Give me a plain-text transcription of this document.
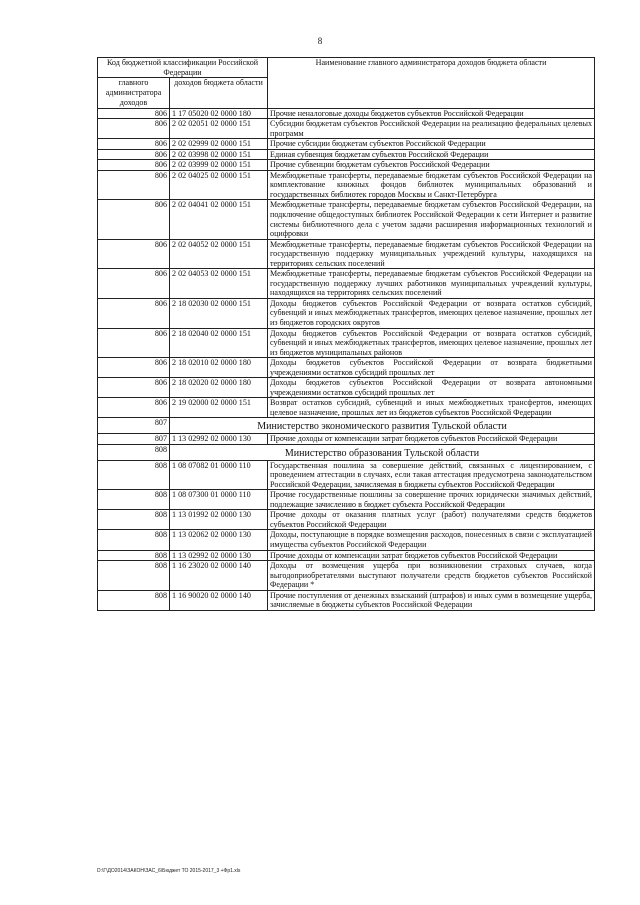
8
Код бюджетной классификации Российской Федерации		Наименование главного администратора доходов бюджета области
главного администратора доходов	доходов бюджета области	
806	1 17 05020 02 0000 180	Прочие неналоговые доходы бюджетов субъектов Российской Федерации
806	2 02 02051 02 0000 151	Субсидии бюджетам субъектов Российской Федерации на реализацию федеральных целевых программ
806	2 02 02999 02 0000 151	Прочие субсидии бюджетам субъектов Российской Федерации
806	2 02 03998 02 0000 151	Единая субвенция бюджетам субъектов Российской Федерации
806	2 02 03999 02 0000 151	Прочие субвенции бюджетам субъектов Российской Федерации
806	2 02 04025 02 0000 151	Межбюджетные трансферты, передаваемые бюджетам субъектов Российской Федерации на комплектование книжных фондов библиотек муниципальных образований и государственных библиотек городов Москвы и Санкт-Петербурга
806	2 02 04041 02 0000 151	Межбюджетные трансферты, передаваемые бюджетам субъектов Российской Федерации, на подключение общедоступных библиотек Российской Федерации к сети Интернет и развитие системы библиотечного дела с учетом задачи расширения информационных технологий и оцифровки
806	2 02 04052 02 0000 151	Межбюджетные трансферты, передаваемые бюджетам субъектов Российской Федерации на государственную поддержку муниципальных учреждений культуры, находящихся на территориях сельских поселений
806	2 02 04053 02 0000 151	Межбюджетные трансферты, передаваемые бюджетам субъектов Российской Федерации на государственную поддержку лучших работников муниципальных учреждений культуры, находящихся на территориях сельских поселений
806	2 18 02030 02 0000 151	Доходы бюджетов субъектов Российской Федерации от возврата остатков субсидий, субвенций и иных межбюджетных трансфертов, имеющих целевое назначение, прошлых лет из бюджетов городских округов
806	2 18 02040 02 0000 151	Доходы бюджетов субъектов Российской Федерации от возврата остатков субсидий, субвенций и иных межбюджетных трансфертов, имеющих целевое назначение, прошлых лет из бюджетов муниципальных районов
806	2 18 02010 02 0000 180	Доходы бюджетов субъектов Российской Федерации от возврата бюджетными учреждениями остатков субсидий прошлых лет
806	2 18 02020 02 0000 180	Доходы бюджетов субъектов Российской Федерации от возврата автономными учреждениями остатков субсидий прошлых лет
806	2 19 02000 02 0000 151	Возврат остатков субсидий, субвенций и иных межбюджетных трансфертов, имеющих целевое назначение, прошлых лет из бюджетов субъектов Российской Федерации
807	Министерство экономического развития Тульской области	
807	1 13 02992 02 0000 130	Прочие доходы от компенсации затрат бюджетов субъектов Российской Федерации
808	Министерство образования Тульской области	
808	1 08 07082 01 0000 110	Государственная пошлина за совершение действий, связанных с лицензированием, с проведением аттестации в случаях, если такая аттестация предусмотрена законодательством Российской Федерации, зачисляемая в бюджеты субъектов Российской Федерации
808	1 08 07300 01 0000 110	Прочие государственные пошлины за совершение прочих юридически значимых действий, подлежащие зачислению в бюджет субъекта Российской Федерации
808	1 13 01992 02 0000 130	Прочие доходы от оказания платных услуг (работ) получателями средств бюджетов субъектов Российской Федерации
808	1 13 02062 02 0000 130	Доходы, поступающие в порядке возмещения расходов, понесенных в связи с эксплуатацией имущества субъектов Российской Федерации
808	1 13 02992 02 0000 130	Прочие доходы от компенсации затрат бюджетов субъектов Российской Федерации
808	1 16 23020 02 0000 140	Доходы от возмещения ущерба при возникновении страховых случаев, когда выгодоприобретателями выступают получатели средств бюджетов субъектов Российской Федерации *
808	1 16 90020 02 0000 140	Прочие поступления от денежных взысканий (штрафов) и иных сумм в возмещение ущерба, зачисляемые в бюджеты субъектов Российской Федерации
D:\Г\ДО2014\ЗАКОН\ЗАС_6\Бюджет ТО 2015-2017_3 +Фр1.xls
